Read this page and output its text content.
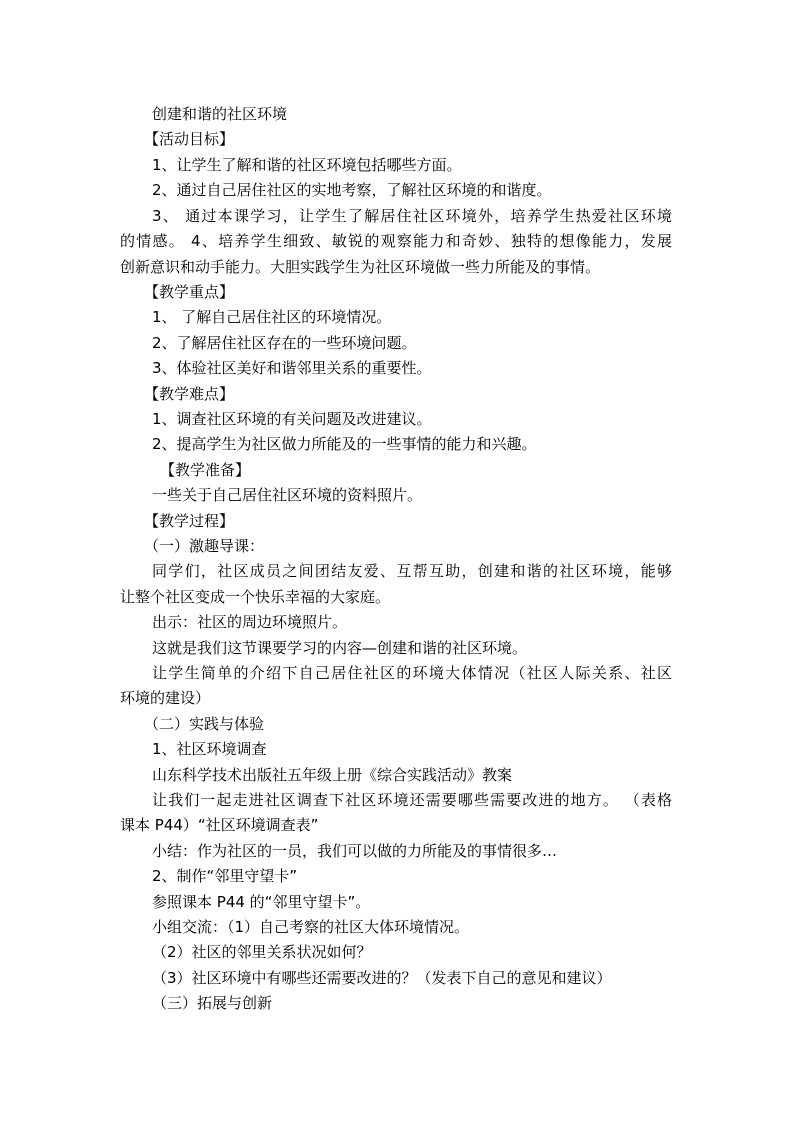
创建和谐的社区环境
【活动目标】
1、让学生了解和谐的社区环境包括哪些方面。
2、通过自己居住社区的实地考察，了解社区环境的和谐度。
3、 通过本课学习，让学生了解居住社区环境外，培养学生热爱社区环境
的情感。 4、培养学生细致、敏锐的观察能力和奇妙、独特的想像能力，发展
创新意识和动手能力。大胆实践学生为社区环境做一些力所能及的事情。
【教学重点】
1、 了解自己居住社区的环境情况。
2、了解居住社区存在的一些环境问题。
3、体验社区美好和谐邻里关系的重要性。
【教学难点】
1、调查社区环境的有关问题及改进建议。
2、提高学生为社区做力所能及的一些事情的能力和兴趣。
【教学准备】
一些关于自己居住社区环境的资料照片。
【教学过程】
（一）激趣导课：
同学们，社区成员之间团结友爱、互帮互助，创建和谐的社区环境，能够
让整个社区变成一个快乐幸福的大家庭。
出示：社区的周边环境照片。
这就是我们这节课要学习的内容—创建和谐的社区环境。
让学生简单的介绍下自己居住社区的环境大体情况（社区人际关系、社区
环境的建设）
（二）实践与体验
1、社区环境调查
山东科学技术出版社五年级上册《综合实践活动》教案
让我们一起走进社区调查下社区环境还需要哪些需要改进的地方。 （表格
课本 P44）“社区环境调查表”
小结：作为社区的一员，我们可以做的力所能及的事情很多…
2、制作“邻里守望卡”
参照课本 P44 的“邻里守望卡”。
小组交流：（1）自己考察的社区大体环境情况。
（2）社区的邻里关系状况如何？
（3）社区环境中有哪些还需要改进的？（发表下自己的意见和建议）
（三）拓展与创新
